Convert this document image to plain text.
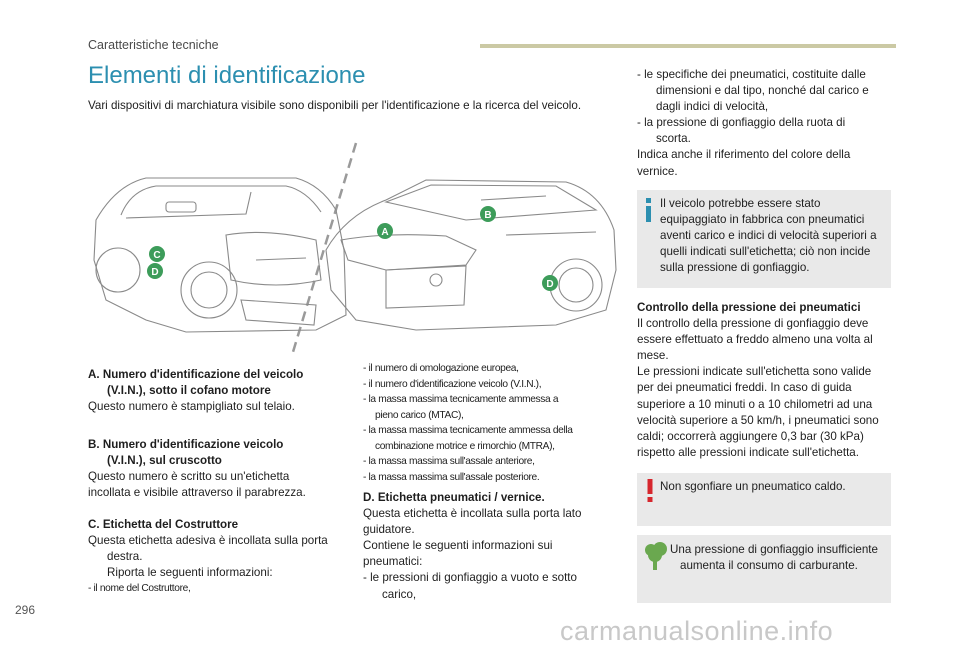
Caratteristiche tecniche
Elementi di identificazione
Vari dispositivi di marchiatura visibile sono disponibili per l'identificazione e la ricerca del veicolo.
C
D
A
B
D
A. Numero d'identificazione del veicolo
(V.I.N.), sotto il cofano motore
Questo numero è stampigliato sul telaio.
B. Numero d'identificazione veicolo
(V.I.N.), sul cruscotto
Questo numero è scritto su un'etichetta
incollata e visibile attraverso il parabrezza.
C. Etichetta del Costruttore
Questa etichetta adesiva è incollata sulla porta
destra.
Riporta le seguenti informazioni:
- il nome del Costruttore,
- il numero di omologazione europea,
- il numero d'identificazione veicolo (V.I.N.),
- la massa massima tecnicamente ammessa a
pieno carico (MTAC),
- la massa massima tecnicamente ammessa della
combinazione motrice e rimorchio (MTRA),
- la massa massima sull'assale anteriore,
- la massa massima sull'assale posteriore.
D. Etichetta pneumatici / vernice.
Questa etichetta è incollata sulla porta lato
guidatore.
Contiene le seguenti informazioni sui
pneumatici:
- le pressioni di gonfiaggio a vuoto e sotto
carico,
- le specifiche dei pneumatici, costituite dalle
dimensioni e dal tipo, nonché dal carico e
dagli indici di velocità,
- la pressione di gonfiaggio della ruota di
scorta.
Indica anche il riferimento del colore della
vernice.
Il veicolo potrebbe essere stato
equipaggiato in fabbrica con pneumatici
aventi carico e indici di velocità superiori a
quelli indicati sull'etichetta; ciò non incide
sulla pressione di gonfiaggio.
Controllo della pressione dei pneumatici
Il controllo della pressione di gonfiaggio deve
essere effettuato a freddo almeno una volta al
mese.
Le pressioni indicate sull'etichetta sono valide
per dei pneumatici freddi. In caso di guida
superiore a 10 minuti o a 10 chilometri ad una
velocità superiore a 50 km/h, i pneumatici sono
caldi; occorrerà aggiungere 0,3 bar (30 kPa)
rispetto alle pressioni indicate sull'etichetta.
Non sgonfiare un pneumatico caldo.
Una pressione di gonfiaggio insufficiente
aumenta il consumo di carburante.
296
carmanualsonline.info
